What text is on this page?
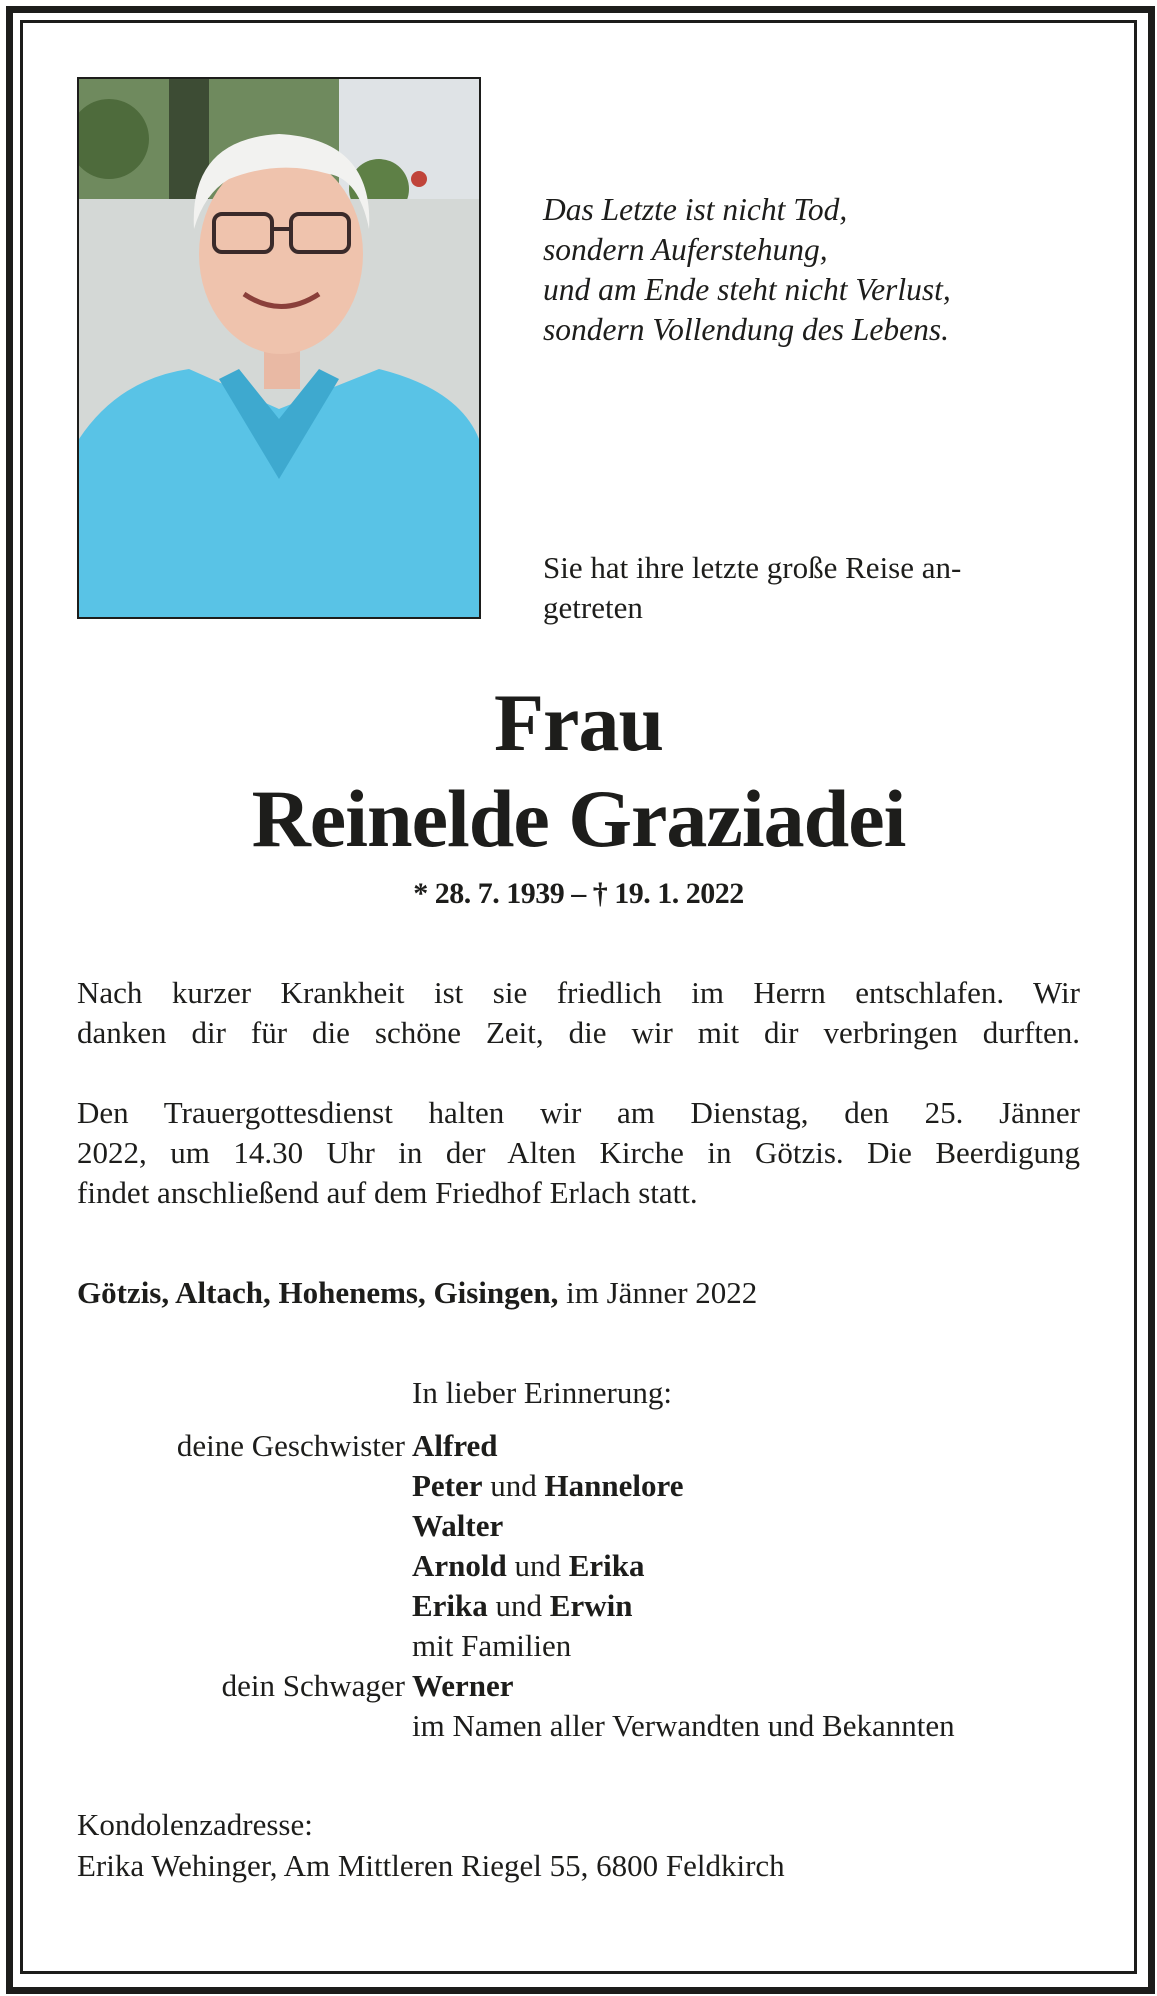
Das Letzte ist nicht Tod,
sondern Auferstehung,
und am Ende steht nicht Verlust,
sondern Vollendung des Lebens.
Sie hat ihre letzte große Reise an-
getreten
Frau
Reinelde Graziadei
* 28. 7. 1939 – † 19. 1. 2022
Nach kurzer Krankheit ist sie friedlich im Herrn entschlafen. Wir
danken dir für die schöne Zeit, die wir mit dir verbringen durften.
Den Trauergottesdienst halten wir am Dienstag, den 25. Jänner
2022, um 14.30 Uhr in der Alten Kirche in Götzis. Die Beerdigung
findet anschließend auf dem Friedhof Erlach statt.
Götzis, Altach, Hohenems, Gisingen, im Jänner 2022
In lieber Erinnerung:
deine Geschwister Alfred
Peter und Hannelore
Walter
Arnold und Erika
Erika und Erwin
mit Familien
dein Schwager Werner
im Namen aller Verwandten und Bekannten
Kondolenzadresse:
Erika Wehinger, Am Mittleren Riegel 55, 6800 Feldkirch
